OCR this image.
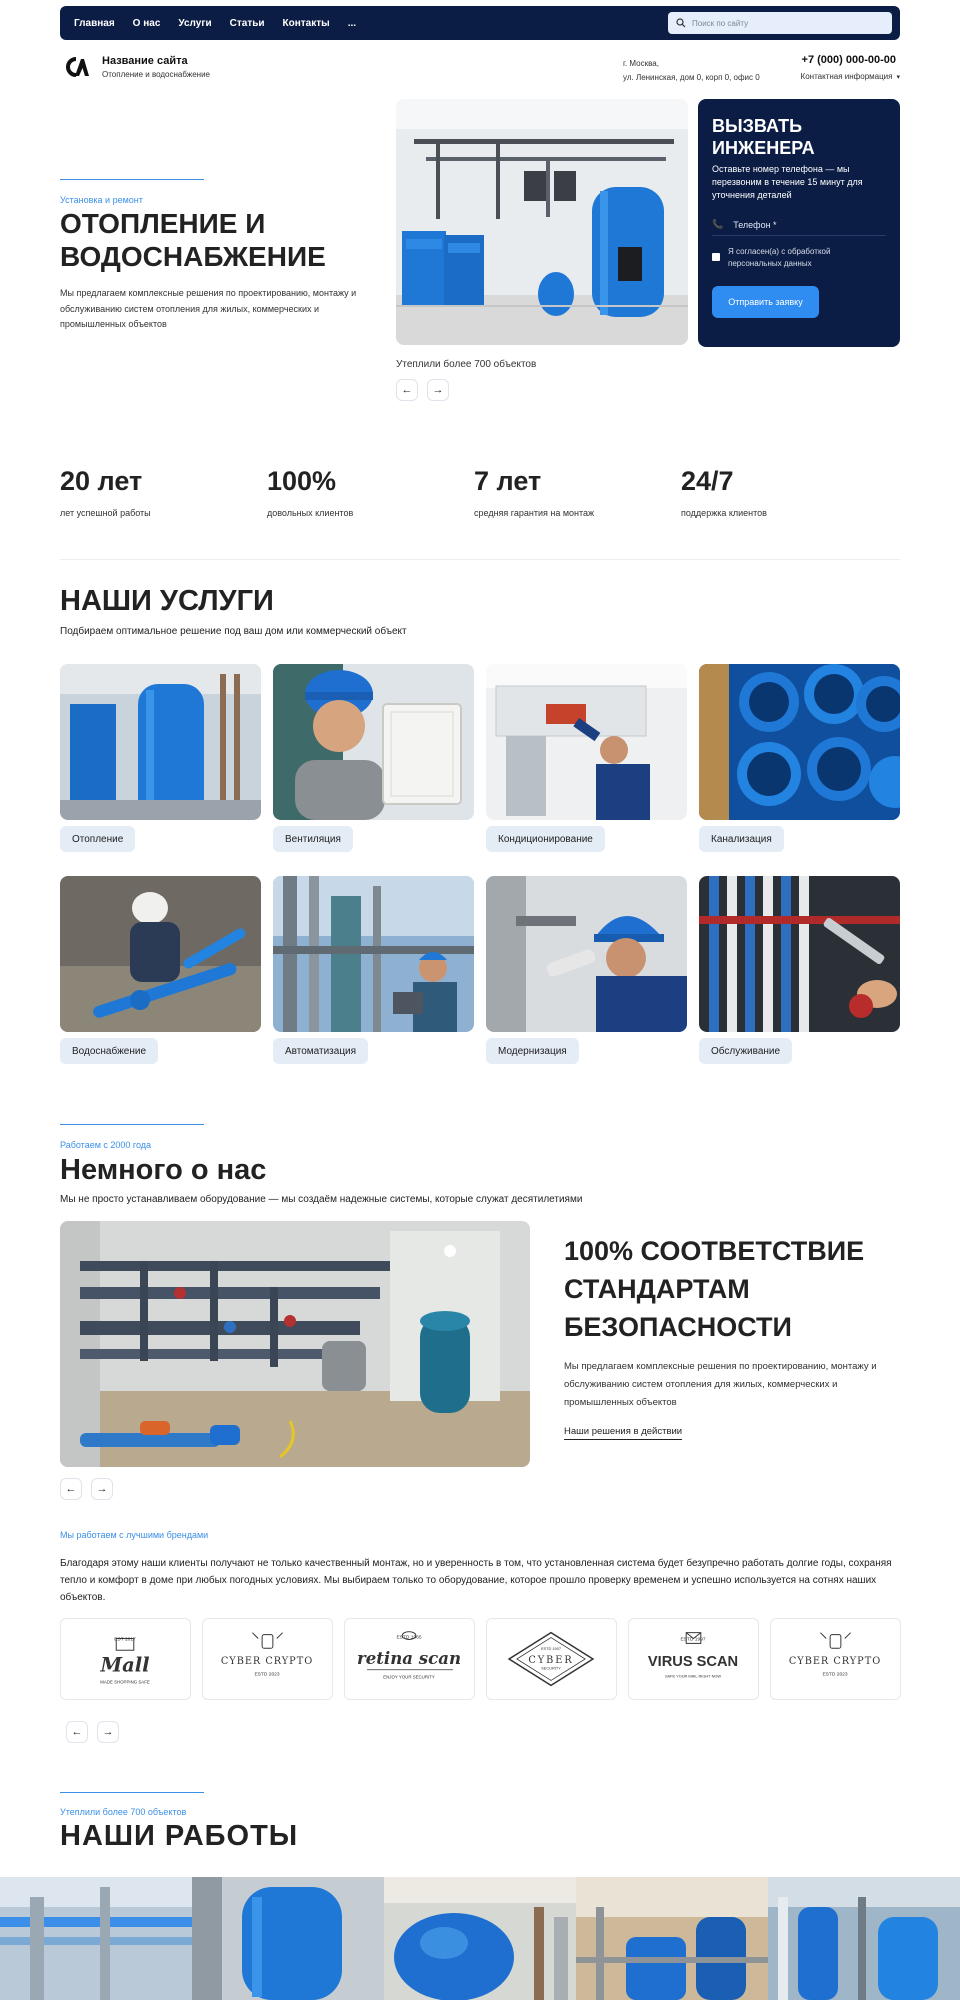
Главная О нас Услуги Статьи Контакты ...
Поиск по сайту
Название сайта
Отопление и водоснабжение
г. Москва,
ул. Ленинская, дом 0, корп 0, офис 0
+7 (000) 000-00-00
Контактная информация ▾
Установка и ремонт
ОТОПЛЕНИЕ И ВОДОСНАБЖЕНИЕ

Мы предлагаем комплексные решения по проектированию, монтажу и обслуживанию систем отопления для жилых, коммерческих и промышленных объектов

Утеплили более 700 объектов
← →
ВЫЗВАТЬ ИНЖЕНЕРА
Оставьте номер телефона — мы перезвоним в течение 15 минут для уточнения деталей
📞
Телефон *
Я согласен(а) с обработкой персональных данных
Отправить заявку
20 лет
лет успешной работы
100%
довольных клиентов
7 лет
средняя гарантия на монтаж
24/7
поддержка клиентов
НАШИ УСЛУГИ

Подбираем оптимальное решение под ваш дом или коммерческий объект

Отопление	Вентиляция	Кондиционирование	Канализация
Водоснабжение	Автоматизация	Модернизация	Обслуживание
Работаем с 2000 года
Немного о нас

Мы не просто устанавливаем оборудование — мы создаём надежные системы, которые служат десятилетиями

← →
100% СООТВЕТСТВИЕ СТАНДАРТАМ БЕЗОПАСНОСТИ

Мы предлагаем комплексные решения по проектированию, монтажу и обслуживанию систем отопления для жилых, коммерческих и промышленных объектов

Наши решения в действии
Мы работаем с лучшими брендами

Благодаря этому наши клиенты получают не только качественный монтаж, но и уверенность в том, что установленная система будет безупречно работать долгие годы, сохраняя тепло и комфорт в доме при любых погодных условиях. Мы выбираем только то оборудование, которое прошло проверку временем и успешно используется на сотнях наших объектов.

EST 2017
Mall
MADE SHOPPING SAFE
CYBER CRYPTO
ESTD 2023
ESTD 1965
retina scan
ENJOY YOUR SECURITY
ESTD 1907
CYBER
SECURITY
ESTD 1997
VIRUS SCAN
SAFE YOUR MAIL RIGHT NOW
CYBER CRYPTO
ESTD 2023
← →
Утеплили более 700 объектов
НАШИ РАБОТЫ
